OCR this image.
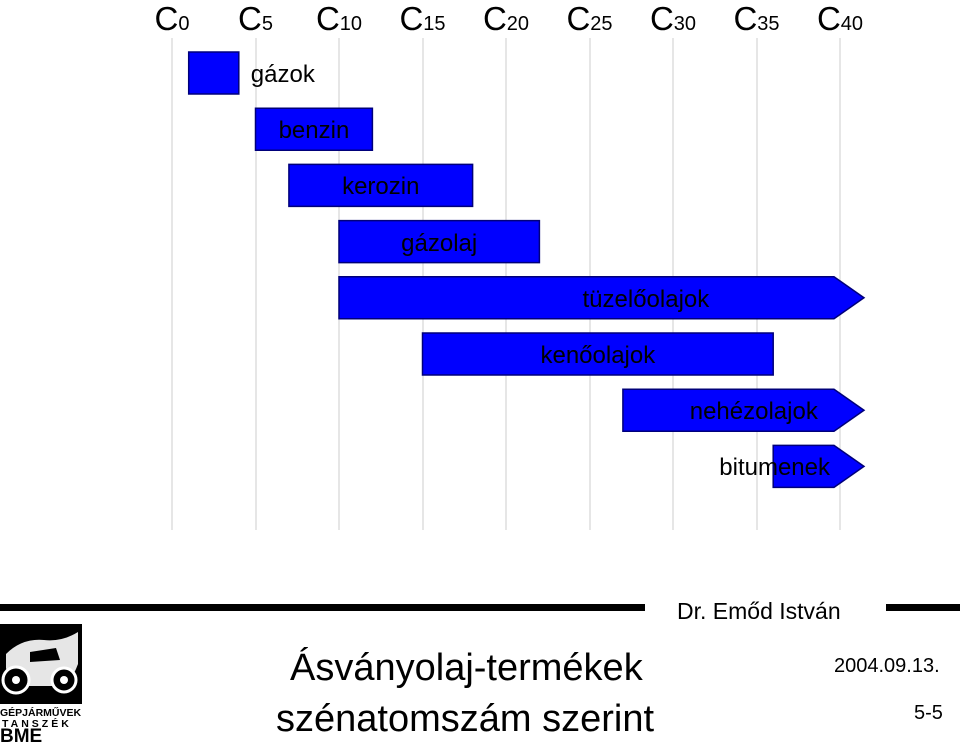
C0 C5 C10 C15 C20 C25 C30 C35 C40
gázok
benzin
kerozin
gázolaj
tüzelőolajok
kenőolajok
nehézolajok
bitumenek
Dr. Emőd István
Ásványolaj-termékek
szénatomszám szerint
2004.09.13.
5-5
GÉPJÁRMŰVEK
TANSZÉK
BME
